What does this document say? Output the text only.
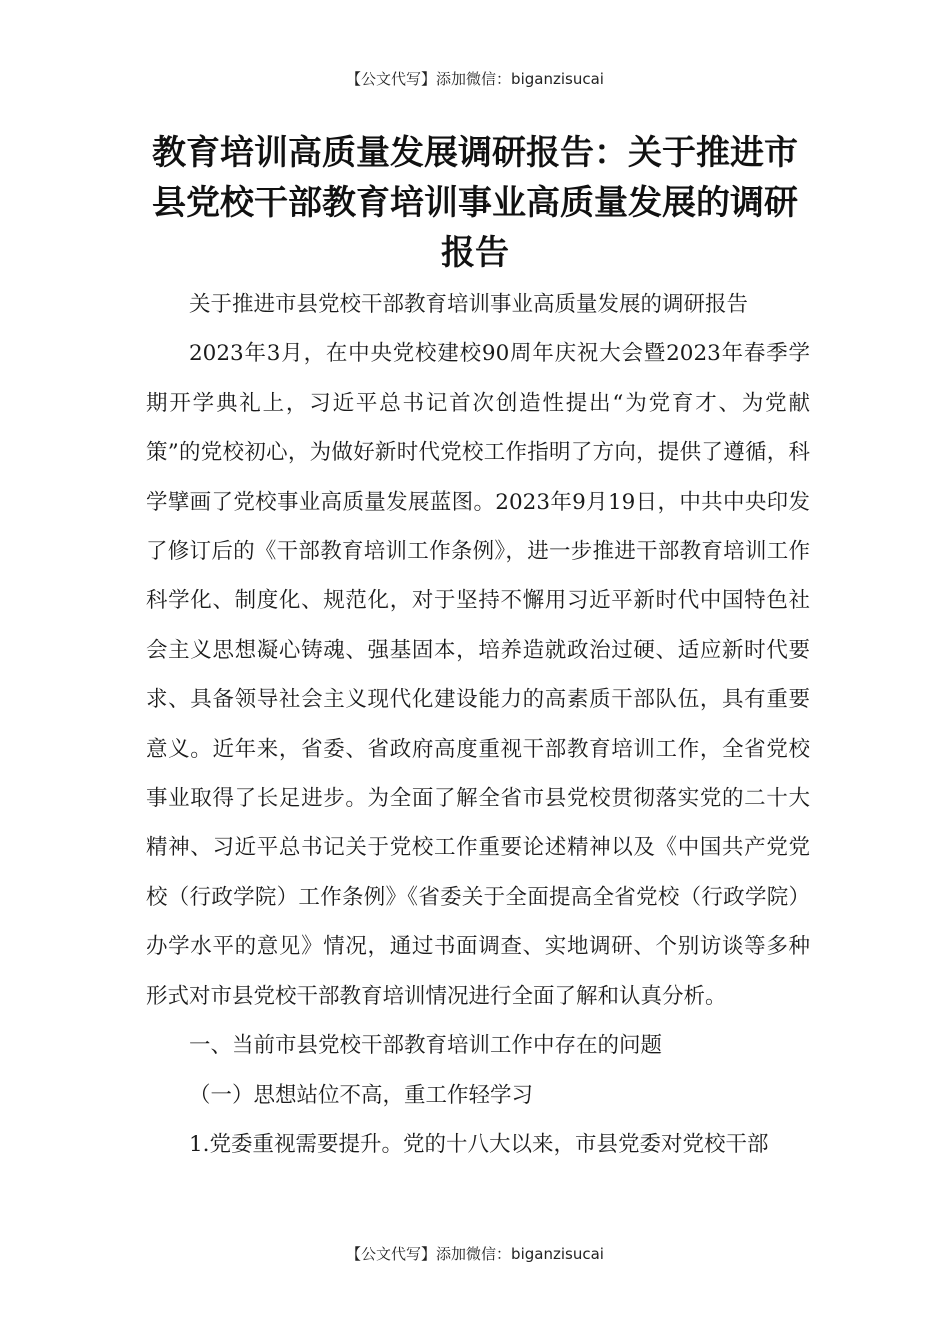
【公文代写】添加微信：biganzisucai
教育培训高质量发展调研报告：关于推进市县党校干部教育培训事业高质量发展的调研报告

关于推进市县党校干部教育培训事业高质量发展的调研报告

2023年3月，在中央党校建校90周年庆祝大会暨2023年春季学期开学典礼上，习近平总书记首次创造性提出“为党育才、为党献策”的党校初心，为做好新时代党校工作指明了方向，提供了遵循，科学擘画了党校事业高质量发展蓝图。2023年9月19日，中共中央印发了修订后的《干部教育培训工作条例》，进一步推进干部教育培训工作科学化、制度化、规范化，对于坚持不懈用习近平新时代中国特色社会主义思想凝心铸魂、强基固本，培养造就政治过硬、适应新时代要求、具备领导社会主义现代化建设能力的高素质干部队伍，具有重要意义。近年来，省委、省政府高度重视干部教育培训工作，全省党校事业取得了长足进步。为全面了解全省市县党校贯彻落实党的二十大精神、习近平总书记关于党校工作重要论述精神以及《中国共产党党校（行政学院）工作条例》《省委关于全面提高全省党校（行政学院）办学水平的意见》情况，通过书面调查、实地调研、个别访谈等多种形式对市县党校干部教育培训情况进行全面了解和认真分析。

一、当前市县党校干部教育培训工作中存在的问题

（一）思想站位不高，重工作轻学习

1.党委重视需要提升。党的十八大以来，市县党委对党校干部

【公文代写】添加微信：biganzisucai
